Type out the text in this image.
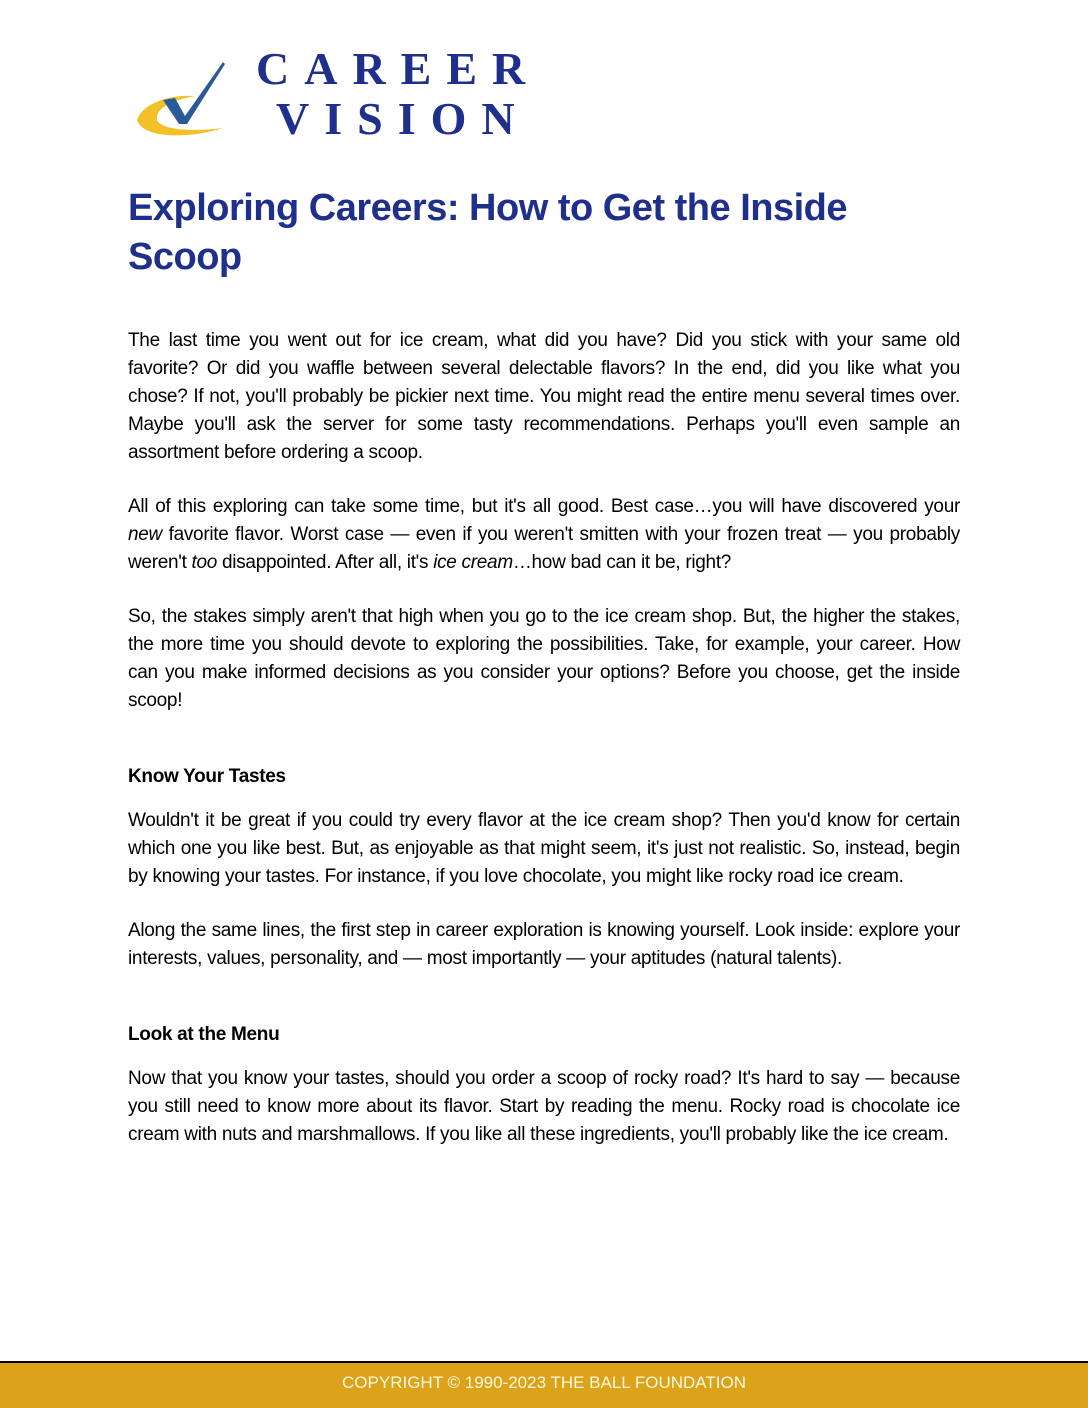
CAREER
VISION
Exploring Careers: How to Get the Inside Scoop

The last time you went out for ice cream, what did you have? Did you stick with your same old favorite? Or did you waffle between several delectable flavors? In the end, did you like what you chose? If not, you'll probably be pickier next time. You might read the entire menu several times over. Maybe you'll ask the server for some tasty recommendations. Perhaps you'll even sample an assortment before ordering a scoop.

All of this exploring can take some time, but it's all good. Best case…you will have discovered your new favorite flavor. Worst case — even if you weren't smitten with your frozen treat — you probably weren't too disappointed. After all, it's ice cream…how bad can it be, right?

So, the stakes simply aren't that high when you go to the ice cream shop. But, the higher the stakes, the more time you should devote to exploring the possibilities. Take, for example, your career. How can you make informed decisions as you consider your options? Before you choose, get the inside scoop!

Know Your Tastes

Wouldn't it be great if you could try every flavor at the ice cream shop? Then you'd know for certain which one you like best. But, as enjoyable as that might seem, it's just not realistic. So, instead, begin by knowing your tastes. For instance, if you love chocolate, you might like rocky road ice cream.

Along the same lines, the first step in career exploration is knowing yourself. Look inside: explore your interests, values, personality, and — most importantly — your aptitudes (natural talents).

Look at the Menu

Now that you know your tastes, should you order a scoop of rocky road? It's hard to say — because you still need to know more about its flavor. Start by reading the menu. Rocky road is chocolate ice cream with nuts and marshmallows. If you like all these ingredients, you'll probably like the ice cream.

COPYRIGHT © 1990-2023 THE BALL FOUNDATION
